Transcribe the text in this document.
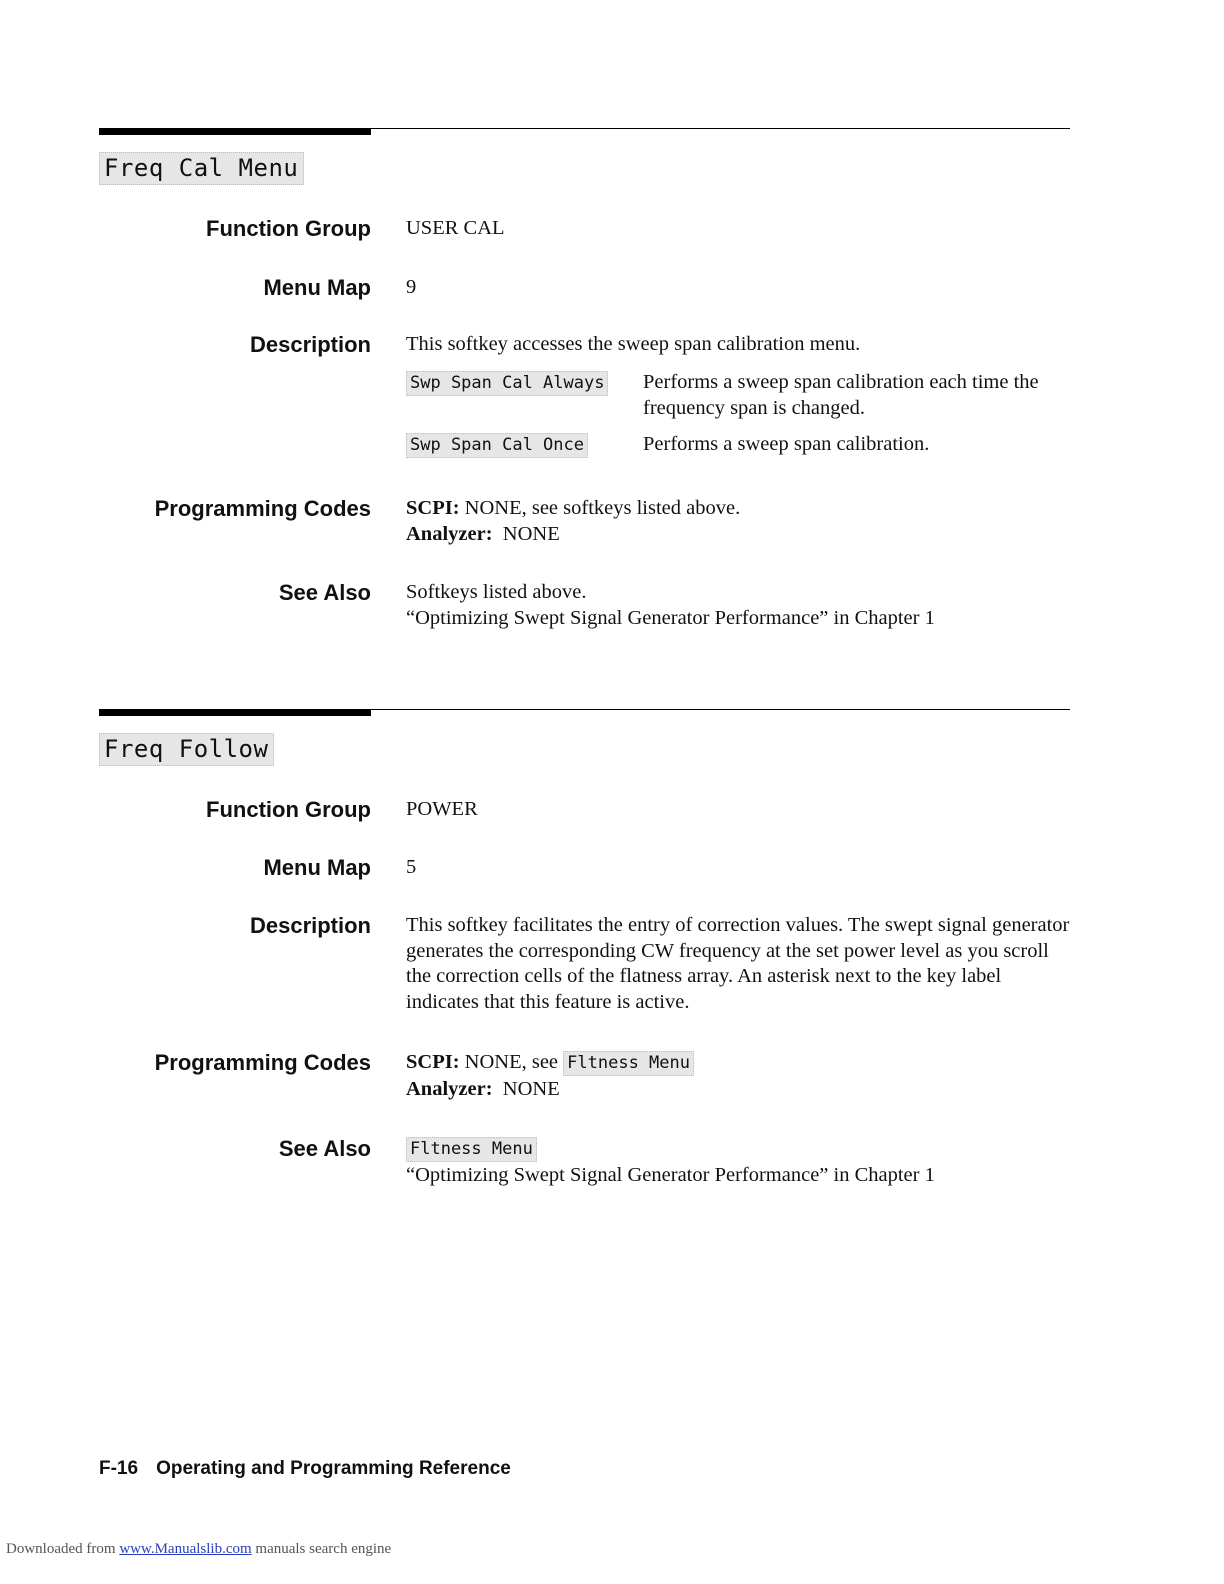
Freq Cal Menu
Function Group USER CAL
Menu Map 9
Description This softkey accesses the sweep span calibration menu.
Swp Span Cal Always	Performs a sweep span calibration each time the frequency span is changed.
Swp Span Cal Once	Performs a sweep span calibration.
Programming Codes SCPI: NONE, see softkeys listed above.
Analyzer: NONE
See Also Softkeys listed above.
“Optimizing Swept Signal Generator Performance” in Chapter 1
Freq Follow
Function Group POWER
Menu Map 5
Description This softkey facilitates the entry of correction values. The swept signal generator generates the corresponding CW frequency at the set power level as you scroll the correction cells of the flatness array. An asterisk next to the key label indicates that this feature is active.
Programming Codes SCPI: NONE, see Fltness Menu
Analyzer: NONE
See Also Fltness Menu
“Optimizing Swept Signal Generator Performance” in Chapter 1
F-16 Operating and Programming Reference
Downloaded from www.Manualslib.com manuals search engine
